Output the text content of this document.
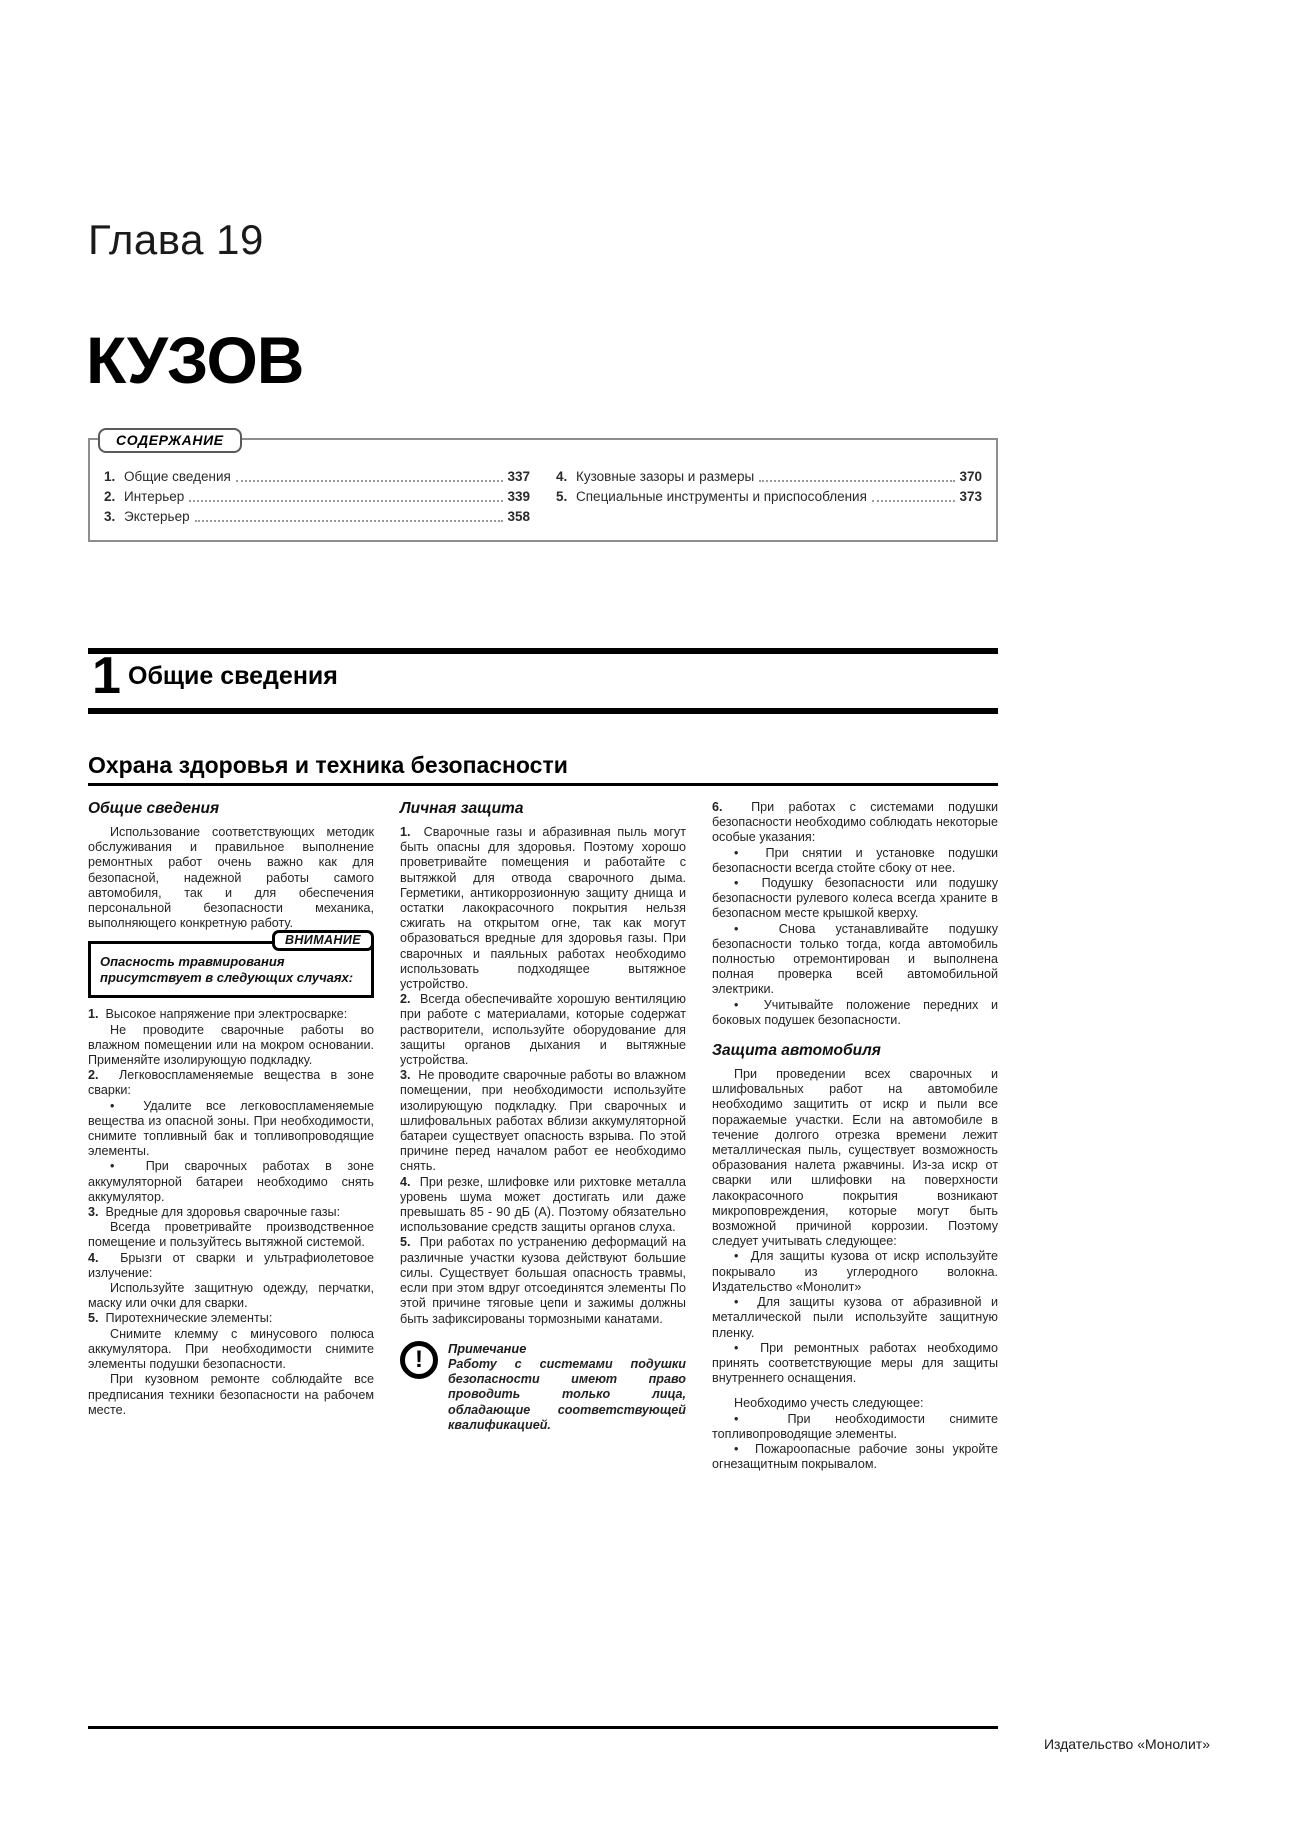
Глава 19
КУЗОВ
1. Общие сведения	337
2. Интерьер	339
3. Экстерьер	358
4. Кузовные зазоры и размеры	370
5. Специальные инструменты и приспособления	373
СОДЕРЖАНИЕ
1 Общие сведения
Охрана здоровья и техника безопасности
Общие сведения

Использование соответствующих методик обслуживания и правильное выполнение ремонтных работ очень важно как для безопасной, надежной работы самого автомобиля, так и для обеспечения персональной безопасности механика, выполняющего конкретную работу.

ВНИМАНИЕ
Опасность травмирования присутствует в следующих случаях:

1. Высокое напряжение при электросварке:

Не проводите сварочные работы во влажном помещении или на мокром основании. Применяйте изолирующую подкладку.

2. Легковоспламеняемые вещества в зоне сварки:

• Удалите все легковоспламеняемые вещества из опасной зоны. При необходимости, снимите топливный бак и топливопроводящие элементы.

• При сварочных работах в зоне аккумуляторной батареи необходимо снять аккумулятор.

3. Вредные для здоровья сварочные газы:

Всегда проветривайте производственное помещение и пользуйтесь вытяжной системой.

4. Брызги от сварки и ультрафиолетовое излучение:

Используйте защитную одежду, перчатки, маску или очки для сварки.

5. Пиротехнические элементы:

Снимите клемму с минусового полюса аккумулятора. При необходимости снимите элементы подушки безопасности.

При кузовном ремонте соблюдайте все предписания техники безопасности на рабочем месте.

Личная защита

1. Сварочные газы и абразивная пыль могут быть опасны для здоровья. Поэтому хорошо проветривайте помещения и работайте с вытяжкой для отвода сварочного дыма. Герметики, антикоррозионную защиту днища и остатки лакокрасочного покрытия нельзя сжигать на открытом огне, так как могут образоваться вредные для здоровья газы. При сварочных и паяльных работах необходимо использовать подходящее вытяжное устройство.

2. Всегда обеспечивайте хорошую вентиляцию при работе с материалами, которые содержат растворители, используйте оборудование для защиты органов дыхания и вытяжные устройства.

3. Не проводите сварочные работы во влажном помещении, при необходимости используйте изолирующую подкладку. При сварочных и шлифовальных работах вблизи аккумуляторной батареи существует опасность взрыва. По этой причине перед началом работ ее необходимо снять.

4. При резке, шлифовке или рихтовке металла уровень шума может достигать или даже превышать 85 - 90 дБ (А). Поэтому обязательно использование средств защиты органов слуха.

5. При работах по устранению деформаций на различные участки кузова действуют большие силы. Существует большая опасность травмы, если при этом вдруг отсоединятся элементы По этой причине тяговые цепи и зажимы должны быть зафиксированы тормозными канатами.

! Примечание
Работу с системами подушки безопасности имеют право проводить только лица, обладающие соответствующей квалификацией.

6. При работах с системами подушки безопасности необходимо соблюдать некоторые особые указания:

• При снятии и установке подушки безопасности всегда стойте сбоку от нее.

• Подушку безопасности или подушку безопасности рулевого колеса всегда храните в безопасном месте крышкой кверху.

•	Снова устанавливайте подушку безопасности только тогда, когда автомобиль полностью отремонтирован и выполнена полная проверка всей автомобильной электрики.

• Учитывайте положение передних и боковых подушек безопасности.

Защита автомобиля

При проведении всех сварочных и шлифовальных работ на автомобиле необходимо защитить от искр и пыли все поражаемые участки. Если на автомобиле в течение долгого отрезка времени лежит металлическая пыль, существует возможность образования налета ржавчины. Из-за искр от сварки или шлифовки на поверхности лакокрасочного покрытия возникают микроповреждения, которые могут быть возможной причиной коррозии. Поэтому следует учитывать следующее:

• Для защиты кузова от искр используйте покрывало из углеродного волокна. Издательство «Монолит»

• Для защиты кузова от абразивной и металлической пыли используйте защитную пленку.

• При ремонтных работах необходимо принять соответствующие меры для защиты внутреннего оснащения.

Необходимо учесть следующее:

•	При необходимости снимите топливопроводящие элементы.

• Пожароопасные рабочие зоны укройте огнезащитным покрывалом.

Издательство «Монолит»
